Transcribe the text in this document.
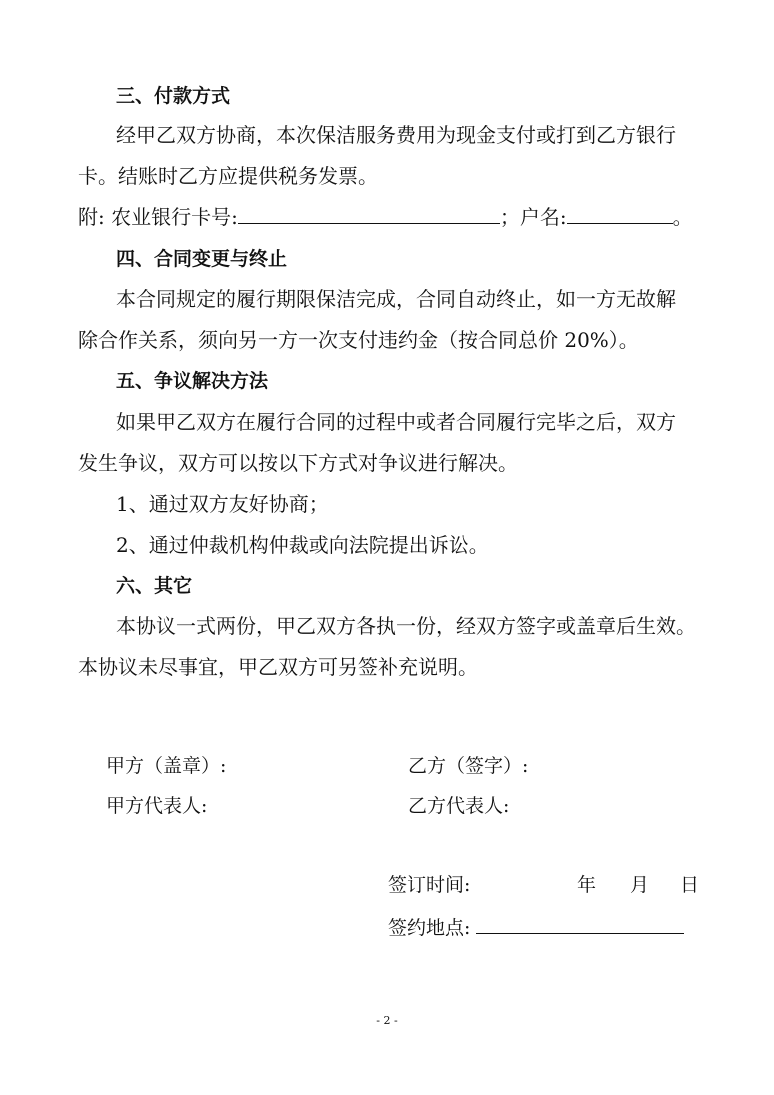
三、付款方式
经甲乙双方协商，本次保洁服务费用为现金支付或打到乙方银行
卡。结账时乙方应提供税务发票。
附: 农业银行卡号:	；户名:	。
四、合同变更与终止
本合同规定的履行期限保洁完成，合同自动终止，如一方无故解
除合作关系，须向另一方一次支付违约金（按合同总价 20%）。
五、争议解决方法
如果甲乙双方在履行合同的过程中或者合同履行完毕之后，双方
发生争议，双方可以按以下方式对争议进行解决。
1、通过双方友好协商；
2、通过仲裁机构仲裁或向法院提出诉讼。
六、其它
本协议一式两份，甲乙双方各执一份，经双方签字或盖章后生效。
本协议未尽事宜，甲乙双方可另签补充说明。
甲方（盖章）:	乙方（签字）:
甲方代表人:	乙方代表人:
签订时间:	年 月 日
签约地点:
- 2 -
